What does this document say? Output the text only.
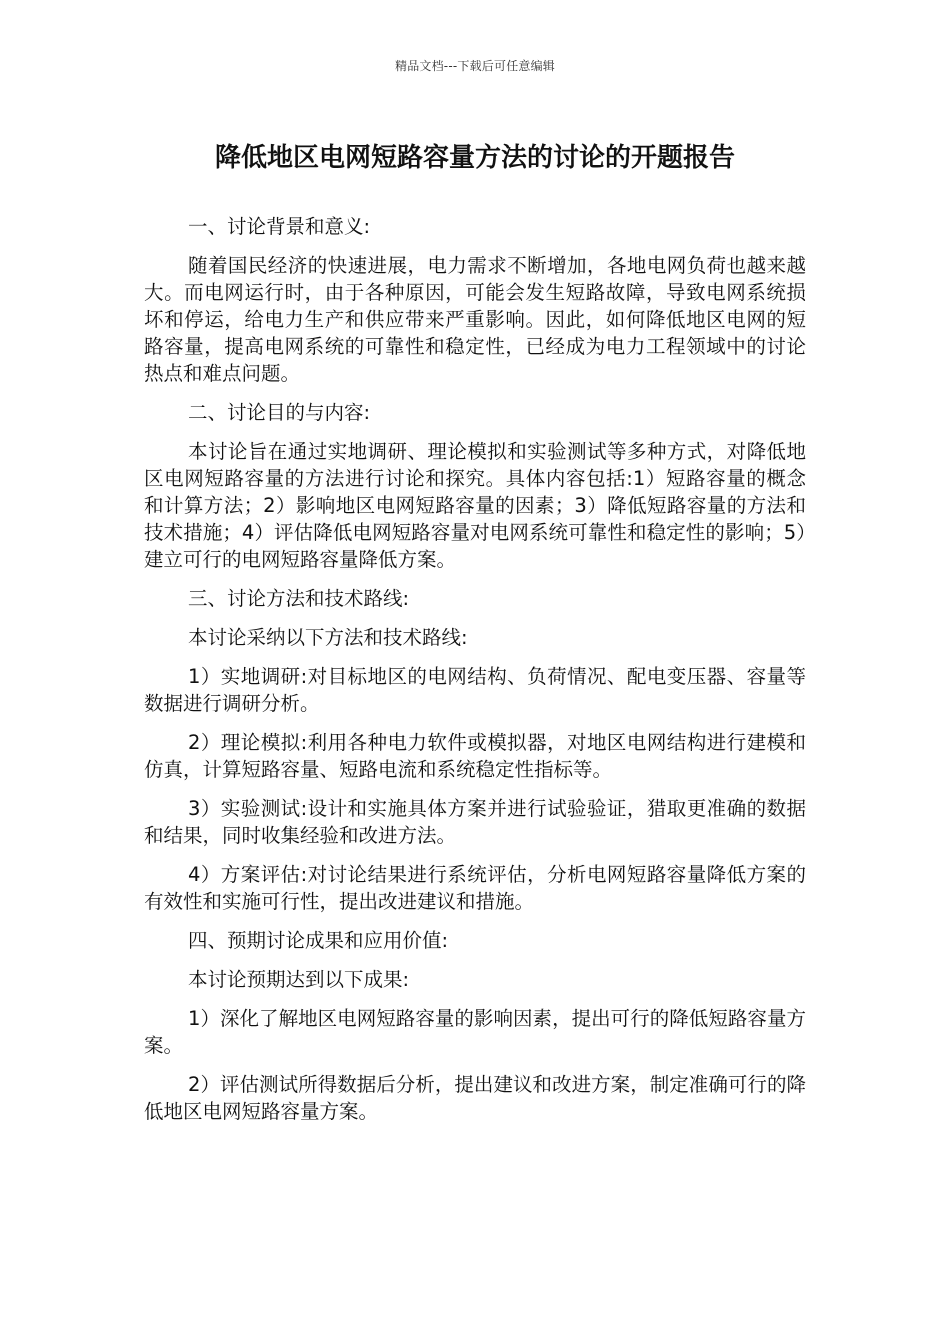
精品文档---下载后可任意编辑
降低地区电网短路容量方法的讨论的开题报告

一、讨论背景和意义:

随着国民经济的快速进展，电力需求不断增加，各地电网负荷也越来越大。而电网运行时，由于各种原因，可能会发生短路故障，导致电网系统损坏和停运，给电力生产和供应带来严重影响。因此，如何降低地区电网的短路容量，提高电网系统的可靠性和稳定性，已经成为电力工程领域中的讨论热点和难点问题。

二、讨论目的与内容:

本讨论旨在通过实地调研、理论模拟和实验测试等多种方式，对降低地区电网短路容量的方法进行讨论和探究。具体内容包括:1）短路容量的概念和计算方法；2）影响地区电网短路容量的因素；3）降低短路容量的方法和技术措施；4）评估降低电网短路容量对电网系统可靠性和稳定性的影响；5）建立可行的电网短路容量降低方案。

三、讨论方法和技术路线:

本讨论采纳以下方法和技术路线:

1）实地调研:对目标地区的电网结构、负荷情况、配电变压器、容量等数据进行调研分析。

2）理论模拟:利用各种电力软件或模拟器，对地区电网结构进行建模和仿真，计算短路容量、短路电流和系统稳定性指标等。

3）实验测试:设计和实施具体方案并进行试验验证，猎取更准确的数据和结果，同时收集经验和改进方法。

4）方案评估:对讨论结果进行系统评估，分析电网短路容量降低方案的有效性和实施可行性，提出改进建议和措施。

四、预期讨论成果和应用价值:

本讨论预期达到以下成果:

1）深化了解地区电网短路容量的影响因素，提出可行的降低短路容量方案。

2）评估测试所得数据后分析，提出建议和改进方案，制定准确可行的降低地区电网短路容量方案。
